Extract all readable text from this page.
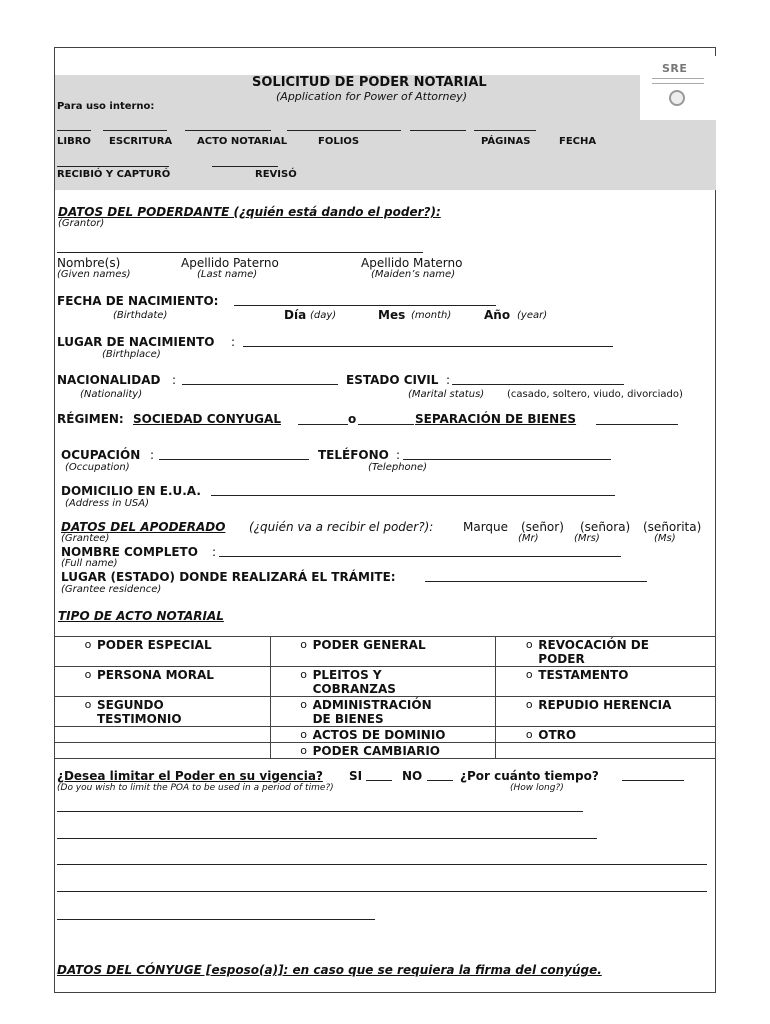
SRE
SOLICITUD DE PODER NOTARIAL
(Application for Power of Attorney)
Para uso interno:
LIBRO ESCRITURA ACTO NOTARIAL	FOLIOS	PÁGINAS	FECHA
RECIBIÓ Y CAPTURÓ	REVISÓ
DATOS DEL PODERDANTE (¿quién está dando el poder?):
(Grantor)
Nombre(s)	Apellido Paterno	Apellido Materno
(Given names)	(Last name)	(Maiden’s name)
FECHA DE NACIMIENTO:
(Birthdate)	Día (day)	Mes (month)	Año (year)
LUGAR DE NACIMIENTO :
(Birthplace)
NACIONALIDAD :	ESTADO CIVIL :
(Nationality)	(Marital status) (casado, soltero, viudo, divorciado)
RÉGIMEN: SOCIEDAD CONYUGAL	o	SEPARACIÓN DE BIENES
OCUPACIÓN :	TELÉFONO :
(Occupation)	(Telephone)
DOMICILIO EN E.U.A.
(Address in USA)
DATOS DEL APODERADO (¿quién va a recibir el poder?): Marque (señor) (señora) (señorita)
(Grantee)	(Mr)	(Mrs)	(Ms)
NOMBRE COMPLETO :
(Full name)
LUGAR (ESTADO) DONDE REALIZARÁ EL TRÁMITE:
(Grantee residence)
TIPO DE ACTO NOTARIAL
o PODER ESPECIAL	o PODER GENERAL	o REVOCACIÓN DE PODER

o PERSONA MORAL	o PLEITOS Y COBRANZAS	o TESTAMENTO

o SEGUNDO TESTIMONIO	o ADMINISTRACIÓN DE BIENES	o REPUDIO HERENCIA

	o ACTOS DE DOMINIO	o OTRO

	o PODER CAMBIARIO	

¿Desea limitar el Poder en su vigencia? SI	NO	¿Por cuánto tiempo?
(Do you wish to limit the POA to be used in a period of time?)	(How long?)
DATOS DEL CÓNYUGE [esposo(a)]: en caso que se requiera la firma del conyúge.
